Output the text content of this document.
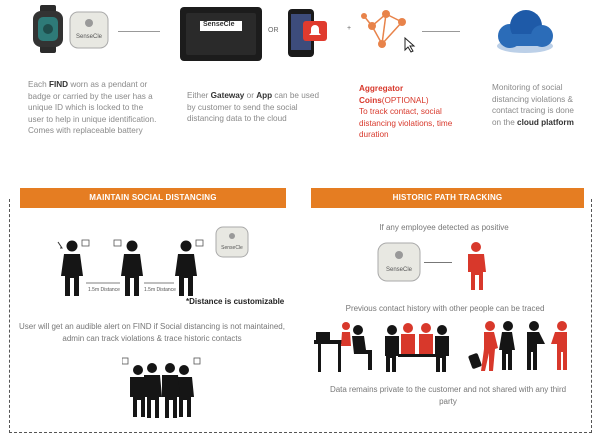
SenseCle
SenseCle
OR	+
Each FIND worn as a pendant or badge or carried by the user has a unique ID which is locked to the user to help in unique identification. Comes with replaceable battery
Either Gateway or App can be used by customer to send the social distancing data to the cloud
Aggregator
Coins(OPTIONAL)
To track contact, social distancing violations, time duration
Monitoring of social distancing violations & contact tracing is done on the cloud platform
MAINTAIN SOCIAL DISTANCING
1.5m Distance	1.5m Distance
SenseCle
*Distance is customizable
User will get an audible alert on FIND if Social distancing is not maintained, admin can track violations & trace historic contacts
HISTORIC PATH TRACKING
If any employee detected as positive
SenseCle
Previous contact history with other people can be traced
Data remains private to the customer and not shared with any third party
